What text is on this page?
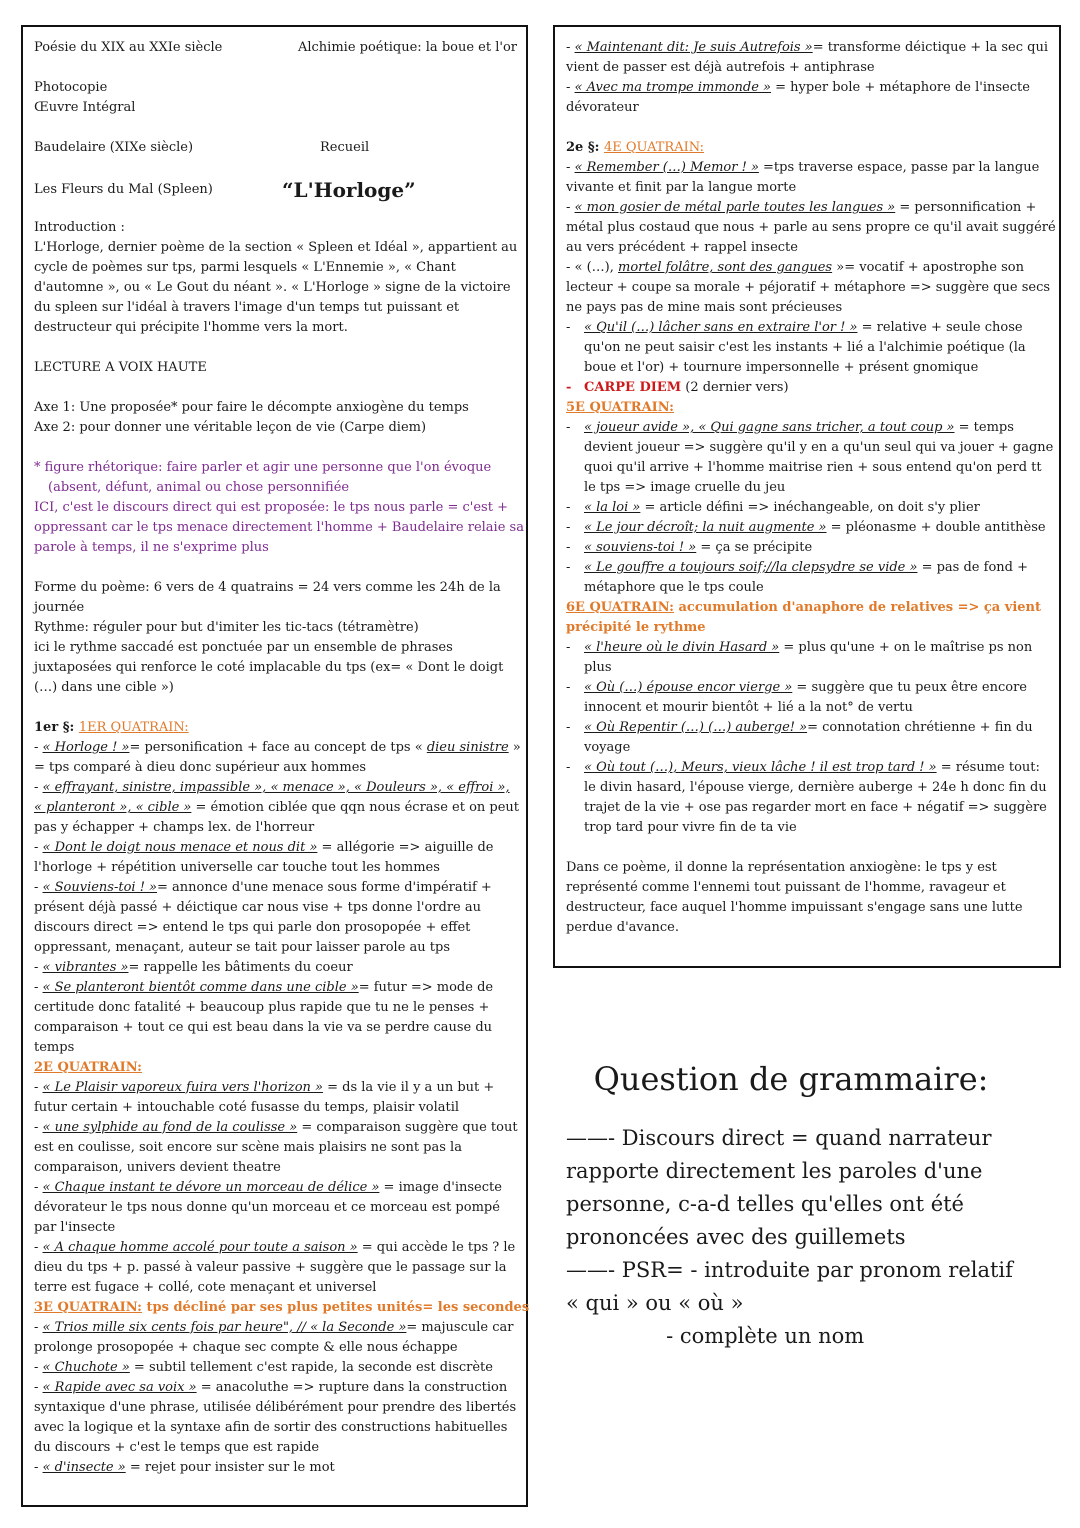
Poésie du XIX au XXIe siècle	Alchimie poétique: la boue et l'or
Photocopie
Œuvre Intégral
Baudelaire (XIXe siècle)	Recueil
Les Fleurs du Mal (Spleen)	“L'Horloge”
Introduction :
L'Horloge, dernier poème de la section « Spleen et Idéal », appartient au
cycle de poèmes sur tps, parmi lesquels « L'Ennemie », « Chant
d'automne », ou « Le Gout du néant ». « L'Horloge » signe de la victoire
du spleen sur l'idéal à travers l'image d'un temps tut puissant et
destructeur qui précipite l'homme vers la mort.
LECTURE A VOIX HAUTE
Axe 1: Une proposée* pour faire le décompte anxiogène du temps
Axe 2: pour donner une véritable leçon de vie (Carpe diem)
* figure rhétorique: faire parler et agir une personne que l'on évoque
(absent, défunt, animal ou chose personnifiée
ICI, c'est le discours direct qui est proposée: le tps nous parle = c'est +
oppressant car le tps menace directement l'homme + Baudelaire relaie sa
parole à temps, il ne s'exprime plus
Forme du poème: 6 vers de 4 quatrains = 24 vers comme les 24h de la
journée
Rythme: réguler pour but d'imiter les tic-tacs (tétramètre)
ici le rythme saccadé est ponctuée par un ensemble de phrases
juxtaposées qui renforce le coté implacable du tps (ex= « Dont le doigt
(…) dans une cible »)
1er §: 1ER QUATRAIN:
- « Horloge ! »= personification + face au concept de tps « dieu sinistre »
= tps comparé à dieu donc supérieur aux hommes
- « effrayant, sinistre, impassible », « menace », « Douleurs », « effroi »,
« planteront », « cible » = émotion ciblée que qqn nous écrase et on peut
pas y échapper + champs lex. de l'horreur
- « Dont le doigt nous menace et nous dit » = allégorie => aiguille de
l'horloge + répétition universelle car touche tout les hommes
- « Souviens-toi ! »= annonce d'une menace sous forme d'impératif +
présent déjà passé + déictique car nous vise + tps donne l'ordre au
discours direct => entend le tps qui parle don prosopopée + effet
oppressant, menaçant, auteur se tait pour laisser parole au tps
- « vibrantes »= rappelle les bâtiments du coeur
- « Se planteront bientôt comme dans une cible »= futur => mode de
certitude donc fatalité + beaucoup plus rapide que tu ne le penses +
comparaison + tout ce qui est beau dans la vie va se perdre cause du
temps
2E QUATRAIN:
- « Le Plaisir vaporeux fuira vers l'horizon » = ds la vie il y a un but +
futur certain + intouchable coté fusasse du temps, plaisir volatil
- « une sylphide au fond de la coulisse » = comparaison suggère que tout
est en coulisse, soit encore sur scène mais plaisirs ne sont pas la
comparaison, univers devient theatre
- « Chaque instant te dévore un morceau de délice » = image d'insecte
dévorateur le tps nous donne qu'un morceau et ce morceau est pompé
par l'insecte
- « A chaque homme accolé pour toute a saison » = qui accède le tps ? le
dieu du tps + p. passé à valeur passive + suggère que le passage sur la
terre est fugace + collé, cote menaçant et universel
3E QUATRAIN: tps décliné par ses plus petites unités= les secondes
- « Trios mille six cents fois par heure", // « la Seconde »= majuscule car
prolonge prosopopée + chaque sec compte & elle nous échappe
- « Chuchote » = subtil tellement c'est rapide, la seconde est discrète
- « Rapide avec sa voix » = anacoluthe => rupture dans la construction
syntaxique d'une phrase, utilisée délibérément pour prendre des libertés
avec la logique et la syntaxe afin de sortir des constructions habituelles
du discours + c'est le temps que est rapide
- « d'insecte » = rejet pour insister sur le mot
- « Maintenant dit: Je suis Autrefois »= transforme déictique + la sec qui
vient de passer est déjà autrefois + antiphrase
- « Avec ma trompe immonde » = hyper bole + métaphore de l'insecte
dévorateur
2e §: 4E QUATRAIN:
- « Remember (…) Memor ! » =tps traverse espace, passe par la langue
vivante et finit par la langue morte
- « mon gosier de métal parle toutes les langues » = personnification +
métal plus costaud que nous + parle au sens propre ce qu'il avait suggéré
au vers précédent + rappel insecte
- « (…), mortel folâtre, sont des gangues »= vocatif + apostrophe son
lecteur + coupe sa morale + péjoratif + métaphore => suggère que secs
ne pays pas de mine mais sont précieuses
- « Qu'il (…) lâcher sans en extraire l'or ! » = relative + seule chose
qu'on ne peut saisir c'est les instants + lié a l'alchimie poétique (la
boue et l'or) + tournure impersonnelle + présent gnomique
- CARPE DIEM (2 dernier vers)
5E QUATRAIN:
- « joueur avide », « Qui gagne sans tricher, a tout coup » = temps
devient joueur => suggère qu'il y en a qu'un seul qui va jouer + gagne
quoi qu'il arrive + l'homme maitrise rien + sous entend qu'on perd tt
le tps => image cruelle du jeu
- « la loi » = article défini => inéchangeable, on doit s'y plier
- « Le jour décroît; la nuit augmente » = pléonasme + double antithèse
- « souviens-toi ! » = ça se précipite
- « Le gouffre a toujours soif;//la clepsydre se vide » = pas de fond +
métaphore que le tps coule
6E QUATRAIN: accumulation d'anaphore de relatives => ça vient
précipité le rythme
- « l'heure où le divin Hasard » = plus qu'une + on le maîtrise ps non
plus
- « Où (…) épouse encor vierge » = suggère que tu peux être encore
innocent et mourir bientôt + lié a la not° de vertu
- « Où Repentir (…) (…) auberge! »= connotation chrétienne + fin du
voyage
- « Où tout (…), Meurs, vieux lâche ! il est trop tard ! » = résume tout:
le divin hasard, l'épouse vierge, dernière auberge + 24e h donc fin du
trajet de la vie + ose pas regarder mort en face + négatif => suggère
trop tard pour vivre fin de ta vie
Dans ce poème, il donne la représentation anxiogène: le tps y est
représenté comme l'ennemi tout puissant de l'homme, ravageur et
destructeur, face auquel l'homme impuissant s'engage sans une lutte
perdue d'avance.
Question de grammaire:
——- Discours direct = quand narrateur
rapporte directement les paroles d'une
personne, c-a-d telles qu'elles ont été
prononcées avec des guillemets
——- PSR= - introduite par pronom relatif
« qui » ou « où »
- complète un nom
